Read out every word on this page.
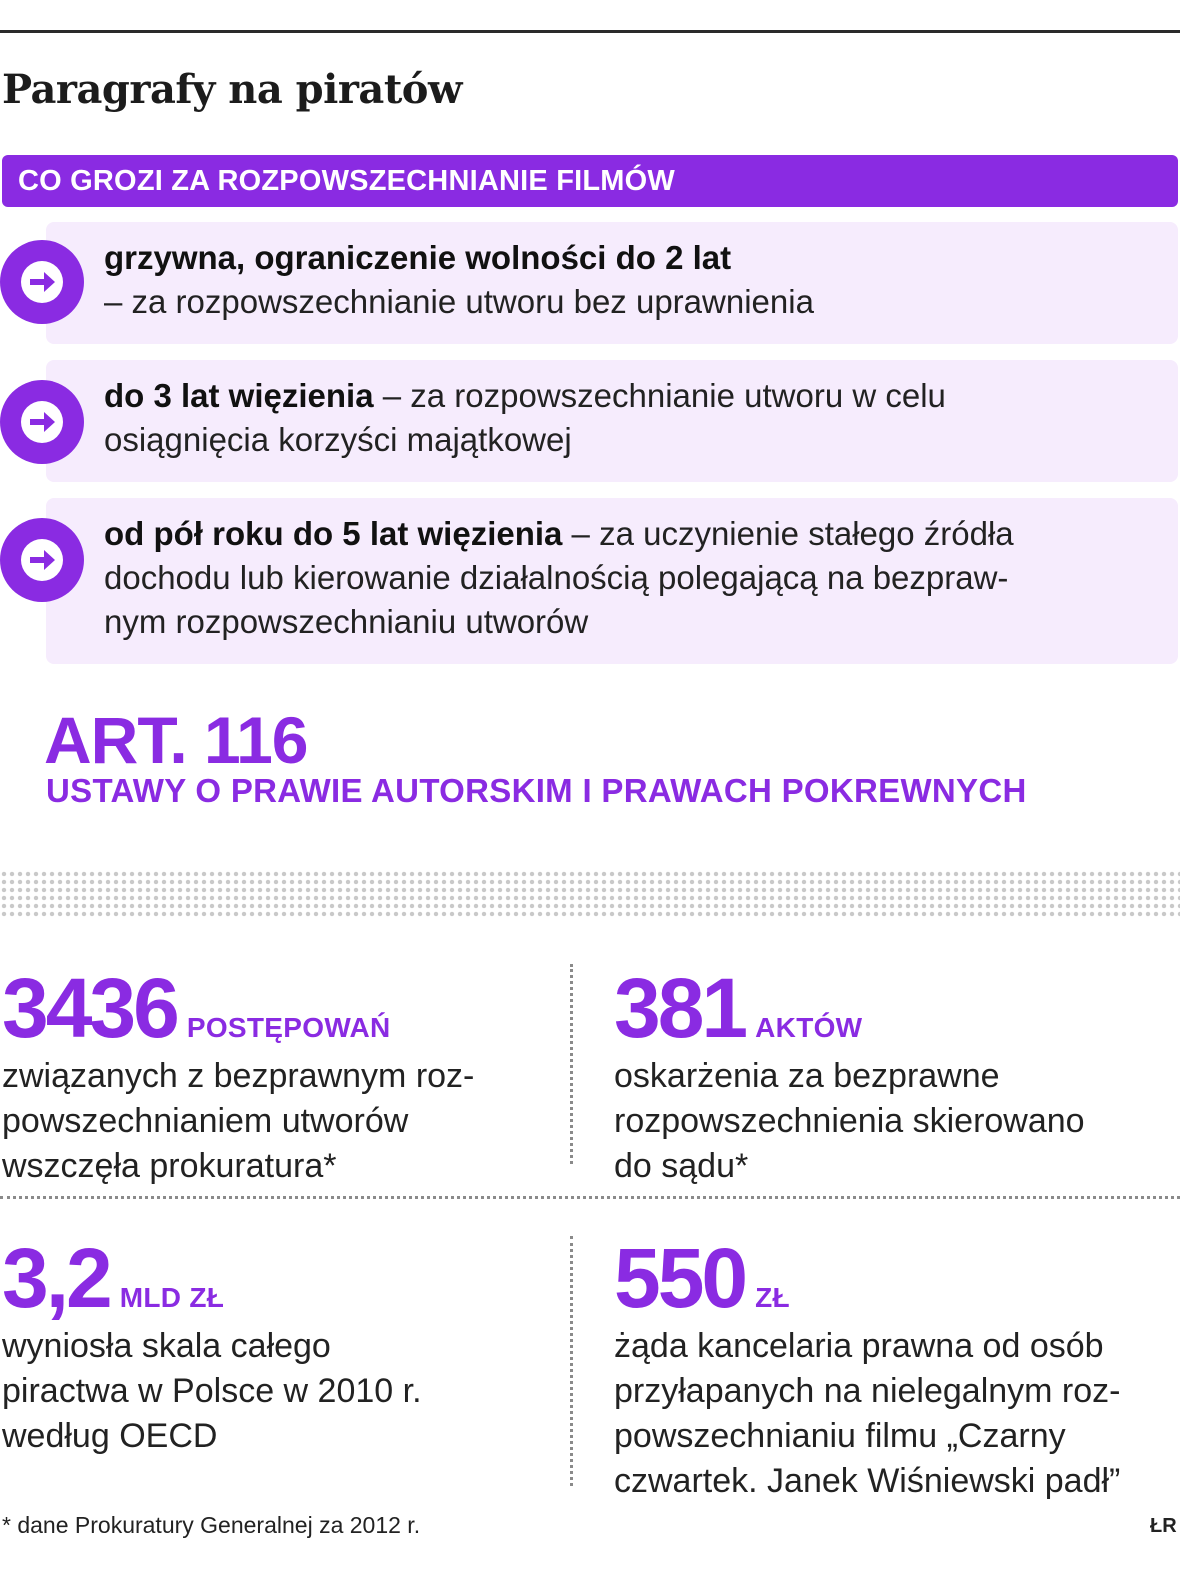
Paragrafy na piratów
CO GROZI ZA ROZPOWSZECHNIANIE FILMÓW
grzywna, ograniczenie wolności do 2 lat
– za rozpowszechnianie utworu bez uprawnienia
do 3 lat więzienia – za rozpowszechnianie utworu w celu
osiągnięcia korzyści majątkowej
od pół roku do 5 lat więzienia – za uczynienie stałego źródła
dochodu lub kierowanie działalnością polegającą na bezpraw-
nym rozpowszechnianiu utworów
ART. 116
USTAWY O PRAWIE AUTORSKIM I PRAWACH POKREWNYCH
3436 POSTĘPOWAŃ
związanych z bezprawnym roz-
powszechnianiem utworów
wszczęła prokuratura*
381 AKTÓW
oskarżenia za bezprawne
rozpowszechnienia skierowano
do sądu*
3,2 MLD ZŁ
wyniosła skala całego
piractwa w Polsce w 2010 r.
według OECD
550 ZŁ
żąda kancelaria prawna od osób
przyłapanych na nielegalnym roz-
powszechnianiu filmu „Czarny
czwartek. Janek Wiśniewski padł”
* dane Prokuratury Generalnej za 2012 r.	ŁR
